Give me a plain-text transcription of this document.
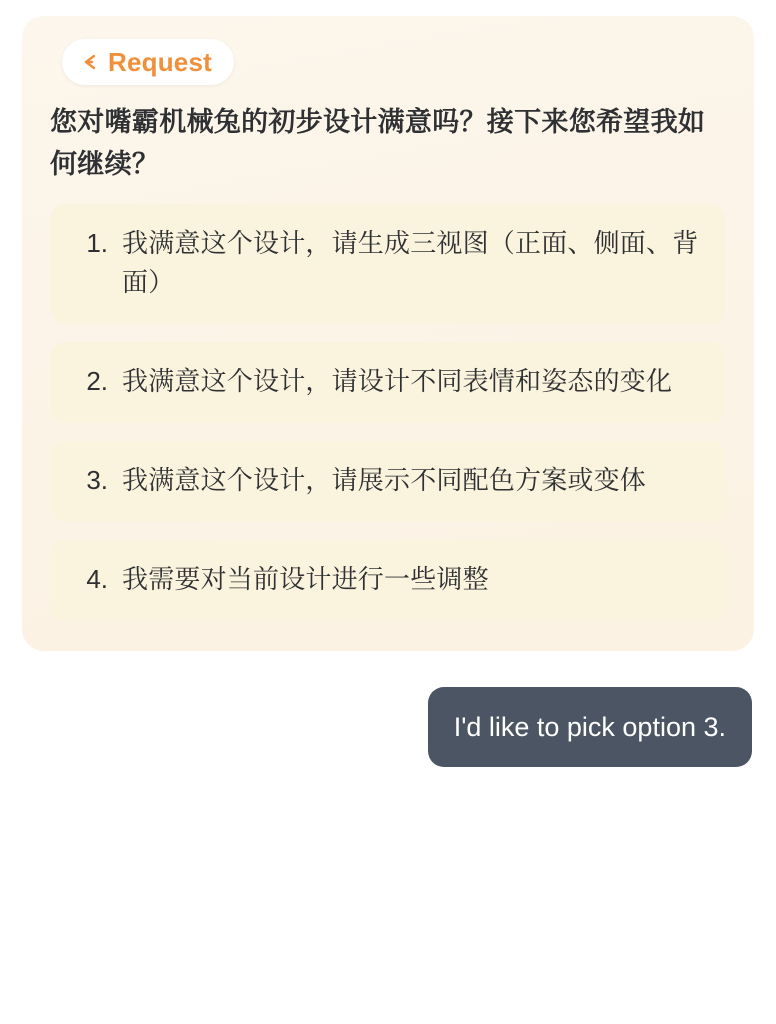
Request
您对嘴霸机械兔的初步设计满意吗？接下来您希望我如何继续？
1. 我满意这个设计，请生成三视图（正面、侧面、背面）
2. 我满意这个设计，请设计不同表情和姿态的变化
3. 我满意这个设计，请展示不同配色方案或变体
4. 我需要对当前设计进行一些调整
I'd like to pick option 3.
